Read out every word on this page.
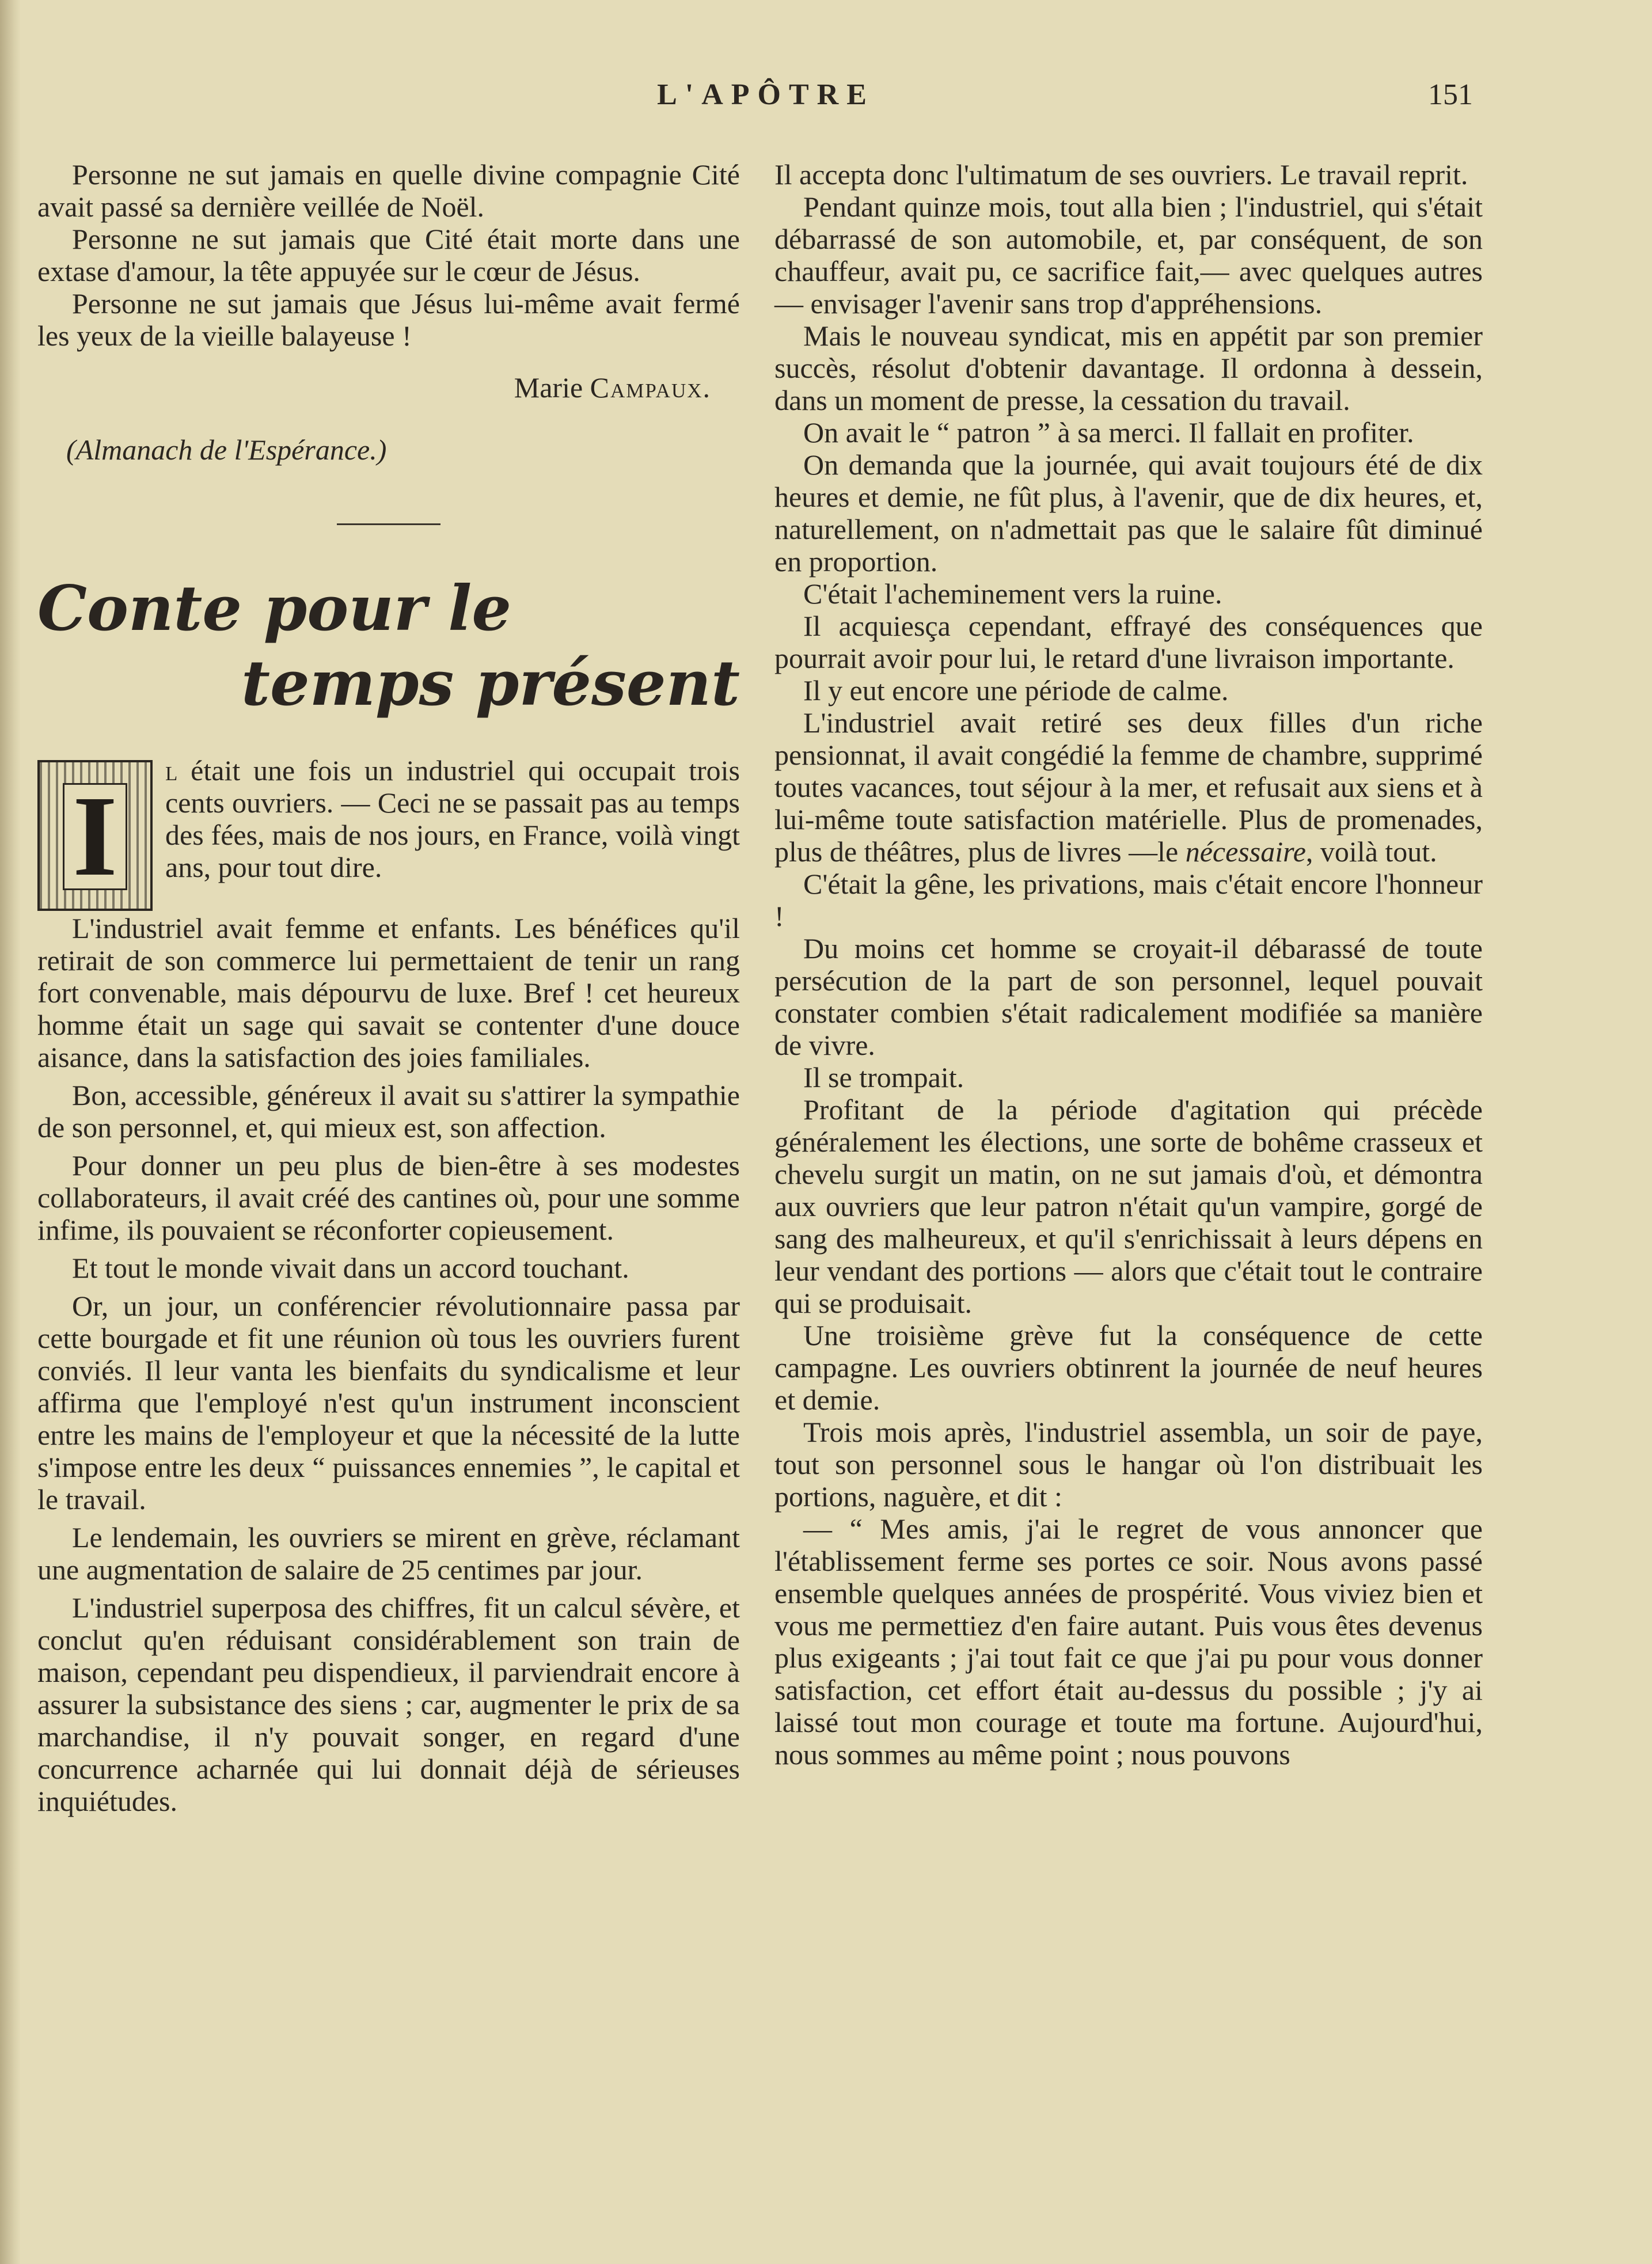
L'APÔTRE	151

Personne ne sut jamais en quelle divine compagnie Cité avait passé sa dernière veillée de Noël.

Personne ne sut jamais que Cité était morte dans une extase d'amour, la tête appuyée sur le cœur de Jésus.

Personne ne sut jamais que Jésus lui-même avait fermé les yeux de la vieille balayeuse !

Marie Campaux.
(Almanach de l'Espérance.)
Conte pour le
temps présent
I

l était une fois un industriel qui occupait trois cents ouvriers. — Ceci ne se passait pas au temps des fées, mais de nos jours, en France, voilà vingt ans, pour tout dire.

L'industriel avait femme et enfants. Les bénéfices qu'il retirait de son commerce lui permettaient de tenir un rang fort convenable, mais dépourvu de luxe. Bref ! cet heureux homme était un sage qui savait se contenter d'une douce aisance, dans la satisfaction des joies familiales.

Bon, accessible, généreux il avait su s'attirer la sympathie de son personnel, et, qui mieux est, son affection.

Pour donner un peu plus de bien-être à ses modestes collaborateurs, il avait créé des cantines où, pour une somme infime, ils pouvaient se réconforter copieusement.

Et tout le monde vivait dans un accord touchant.

Or, un jour, un conférencier révolutionnaire passa par cette bourgade et fit une réunion où tous les ouvriers furent conviés. Il leur vanta les bienfaits du syndicalisme et leur affirma que l'employé n'est qu'un instrument inconscient entre les mains de l'employeur et que la nécessité de la lutte s'impose entre les deux “ puissances ennemies ”, le capital et le travail.

Le lendemain, les ouvriers se mirent en grève, réclamant une augmentation de salaire de 25 centimes par jour.

L'industriel superposa des chiffres, fit un calcul sévère, et conclut qu'en réduisant considérablement son train de maison, cependant peu dispendieux, il parviendrait encore à assurer la subsistance des siens ; car, augmenter le prix de sa marchandise, il n'y pouvait songer, en regard d'une concurrence acharnée qui lui donnait déjà de sérieuses inquiétudes.

Il accepta donc l'ultimatum de ses ouvriers. Le travail reprit.

Pendant quinze mois, tout alla bien ; l'industriel, qui s'était débarrassé de son automobile, et, par conséquent, de son chauffeur, avait pu, ce sacrifice fait,— avec quelques autres — envisager l'avenir sans trop d'appréhensions.

Mais le nouveau syndicat, mis en appétit par son premier succès, résolut d'obtenir davantage. Il ordonna à dessein, dans un moment de presse, la cessation du travail.

On avait le “ patron ” à sa merci. Il fallait en profiter.

On demanda que la journée, qui avait toujours été de dix heures et demie, ne fût plus, à l'avenir, que de dix heures, et, naturellement, on n'admettait pas que le salaire fût diminué en proportion.

C'était l'acheminement vers la ruine.

Il acquiesça cependant, effrayé des conséquences que pourrait avoir pour lui, le retard d'une livraison importante.

Il y eut encore une période de calme.

L'industriel avait retiré ses deux filles d'un riche pensionnat, il avait congédié la femme de chambre, supprimé toutes vacances, tout séjour à la mer, et refusait aux siens et à lui-même toute satisfaction matérielle. Plus de promenades, plus de théâtres, plus de livres —le nécessaire, voilà tout.

C'était la gêne, les privations, mais c'était encore l'honneur !

Du moins cet homme se croyait-il débarassé de toute persécution de la part de son personnel, lequel pouvait constater combien s'était radicalement modifiée sa manière de vivre.

Il se trompait.

Profitant de la période d'agitation qui précède généralement les élections, une sorte de bohême crasseux et chevelu surgit un matin, on ne sut jamais d'où, et démontra aux ouvriers que leur patron n'était qu'un vampire, gorgé de sang des malheureux, et qu'il s'enrichissait à leurs dépens en leur vendant des portions — alors que c'était tout le contraire qui se produisait.

Une troisième grève fut la conséquence de cette campagne. Les ouvriers obtinrent la journée de neuf heures et demie.

Trois mois après, l'industriel assembla, un soir de paye, tout son personnel sous le hangar où l'on distribuait les portions, naguère, et dit :

— “ Mes amis, j'ai le regret de vous annoncer que l'établissement ferme ses portes ce soir. Nous avons passé ensemble quelques années de prospérité. Vous viviez bien et vous me permettiez d'en faire autant. Puis vous êtes devenus plus exigeants ; j'ai tout fait ce que j'ai pu pour vous donner satisfaction, cet effort était au-dessus du possible ; j'y ai laissé tout mon courage et toute ma fortune. Aujourd'hui, nous sommes au même point ; nous pouvons
